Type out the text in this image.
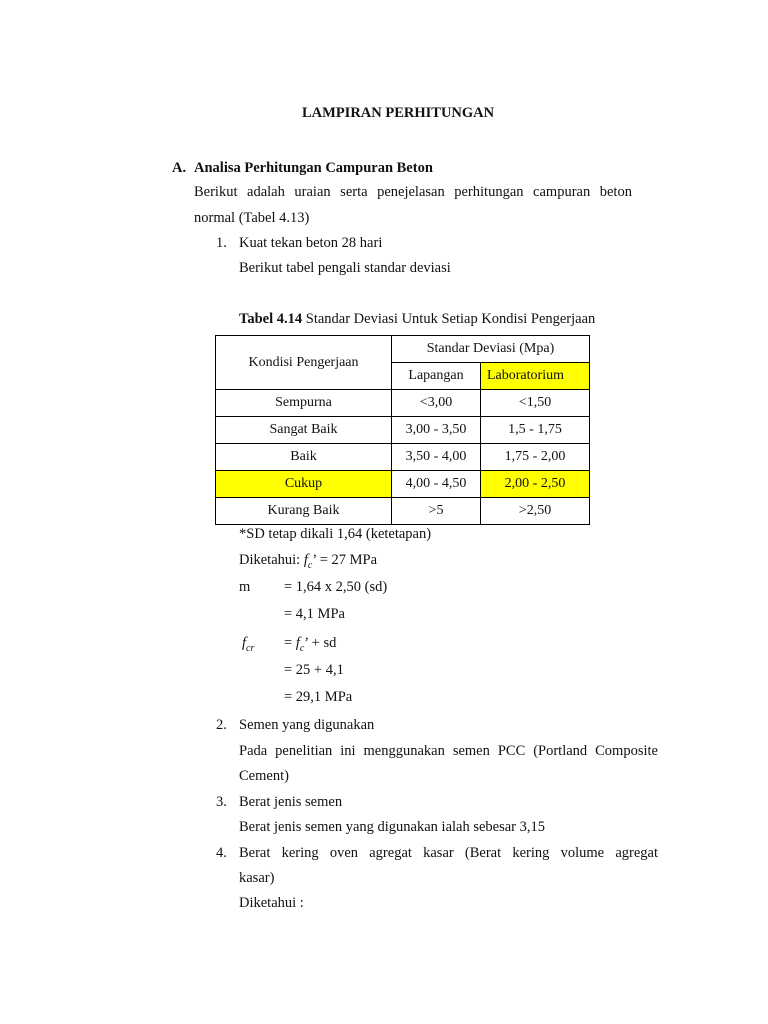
LAMPIRAN PERHITUNGAN
A. Analisa Perhitungan Campuran Beton
Berikut adalah uraian serta penejelasan perhitungan campuran beton
normal (Tabel 4.13)
1. Kuat tekan beton 28 hari
Berikut tabel pengali standar deviasi
Tabel 4.14 Standar Deviasi Untuk Setiap Kondisi Pengerjaan
Kondisi Pengerjaan	Standar Deviasi (Mpa)	
	Lapangan	Laboratorium
Sempurna	<3,00	<1,50
Sangat Baik	3,00 - 3,50	1,5 - 1,75
Baik	3,50 - 4,00	1,75 - 2,00
Cukup	4,00 - 4,50	2,00 - 2,50
Kurang Baik	>5	>2,50
*SD tetap dikali 1,64 (ketetapan)
Diketahui: $f_c$’ = 27 MPa
m = 1,64 x 2,50 (sd)
= 4,1 MPa
$f_{cr} = f_c$’ + sd
= 25 + 4,1
= 29,1 MPa
2. Semen yang digunakan
Pada penelitian ini menggunakan semen PCC (Portland Composite
Cement)
3. Berat jenis semen
Berat jenis semen yang digunakan ialah sebesar 3,15
4. Berat kering oven agregat kasar (Berat kering volume agregat
kasar)
Diketahui :
